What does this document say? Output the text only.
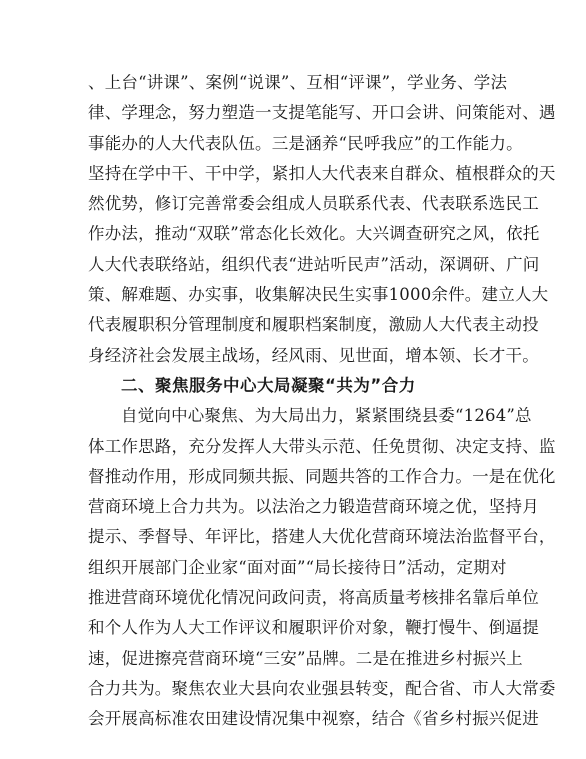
、上台“讲课”、案例“说课”、互相“评课”，学业务、学法
律、学理念，努力塑造一支提笔能写、开口会讲、问策能对、遇
事能办的人大代表队伍。三是涵养“民呼我应”的工作能力。
坚持在学中干、干中学，紧扣人大代表来自群众、植根群众的天
然优势，修订完善常委会组成人员联系代表、代表联系选民工
作办法，推动“双联”常态化长效化。大兴调查研究之风，依托
人大代表联络站，组织代表“进站听民声”活动，深调研、广问
策、解难题、办实事，收集解决民生实事1000余件。建立人大
代表履职积分管理制度和履职档案制度，激励人大代表主动投
身经济社会发展主战场，经风雨、见世面，增本领、长才干。
二、聚焦服务中心大局凝聚“共为”合力
自觉向中心聚焦、为大局出力，紧紧围绕县委“1264”总
体工作思路，充分发挥人大带头示范、任免贯彻、决定支持、监
督推动作用，形成同频共振、同题共答的工作合力。一是在优化
营商环境上合力共为。以法治之力锻造营商环境之优，坚持月
提示、季督导、年评比，搭建人大优化营商环境法治监督平台，
组织开展部门企业家“面对面”“局长接待日”活动，定期对
推进营商环境优化情况问政问责，将高质量考核排名靠后单位
和个人作为人大工作评议和履职评价对象，鞭打慢牛、倒逼提
速，促进擦亮营商环境“三安”品牌。二是在推进乡村振兴上
合力共为。聚焦农业大县向农业强县转变，配合省、市人大常委
会开展高标准农田建设情况集中视察，结合《省乡村振兴促进
